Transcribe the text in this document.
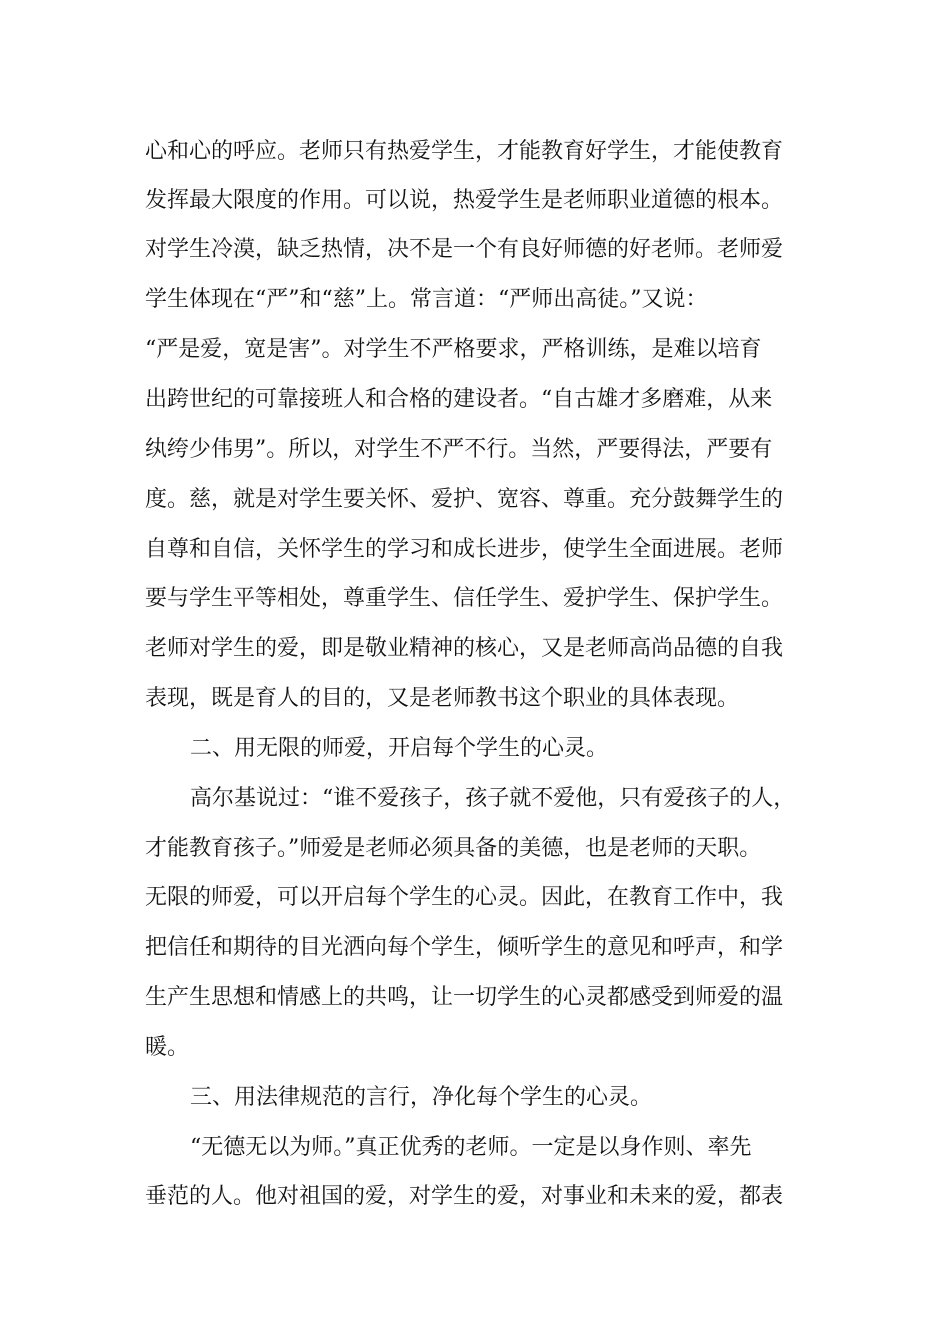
心和心的呼应。老师只有热爱学生，才能教育好学生，才能使教育
发挥最大限度的作用。可以说，热爱学生是老师职业道德的根本。
对学生冷漠，缺乏热情，决不是一个有良好师德的好老师。老师爱
学生体现在“严”和“慈”上。常言道：“严师出高徒。”又说：
“严是爱，宽是害”。对学生不严格要求，严格训练，是难以培育
出跨世纪的可靠接班人和合格的建设者。“自古雄才多磨难，从来
纨绔少伟男”。所以，对学生不严不行。当然，严要得法，严要有
度。慈，就是对学生要关怀、爱护、宽容、尊重。充分鼓舞学生的
自尊和自信，关怀学生的学习和成长进步，使学生全面进展。老师
要与学生平等相处，尊重学生、信任学生、爱护学生、保护学生。
老师对学生的爱，即是敬业精神的核心，又是老师高尚品德的自我
表现，既是育人的目的，又是老师教书这个职业的具体表现。
二、用无限的师爱，开启每个学生的心灵。
高尔基说过：“谁不爱孩子，孩子就不爱他，只有爱孩子的人，
才能教育孩子。”师爱是老师必须具备的美德，也是老师的天职。
无限的师爱，可以开启每个学生的心灵。因此，在教育工作中，我
把信任和期待的目光洒向每个学生，倾听学生的意见和呼声，和学
生产生思想和情感上的共鸣，让一切学生的心灵都感受到师爱的温
暖。
三、用法律规范的言行，净化每个学生的心灵。
“无德无以为师。”真正优秀的老师。一定是以身作则、率先
垂范的人。他对祖国的爱，对学生的爱，对事业和未来的爱，都表
